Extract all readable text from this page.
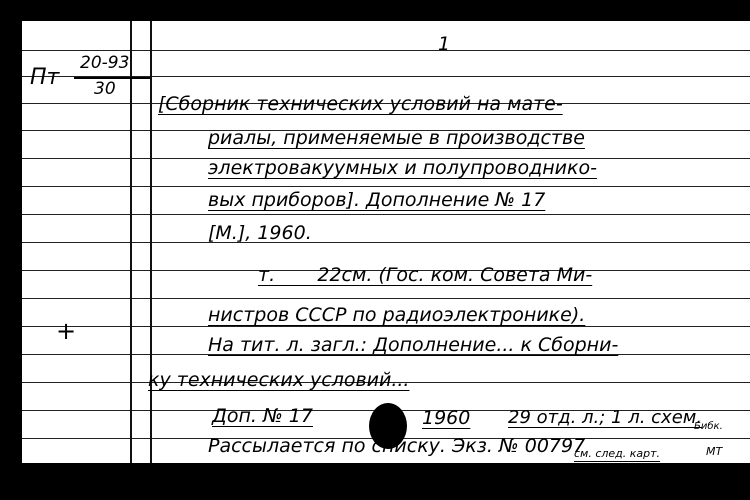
1
Пт
20-93
30
+
[Сборник технических условий на мате-
риалы, применяемые в производстве
электровакуумных и полупроводнико-
вых приборов]. Дополнение № 17
[М.], 1960.
т.       22см. (Гос. ком. Совета Ми-
нистров СССР по радиоэлектронике).
На тит. л. загл.: Дополнение... к Сборни-
ку технических условий...
Доп. № 17	1960 29 отд. л.; 1 л. схем.
Рассылается по списку. Экз. № 00797
Бибк.
см. след. карт.	МТ
